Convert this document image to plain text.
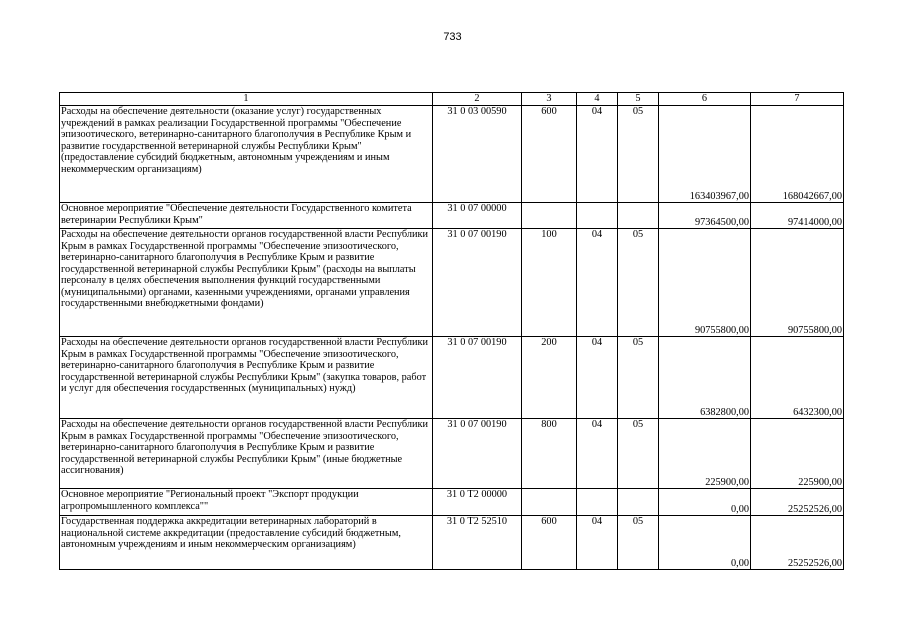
733
1	2	3	4	5	6	7
Расходы на обеспечение деятельности (оказание услуг) государственных учреждений в рамках реализации Государственной программы "Обеспечение эпизоотического, ветеринарно-санитарного благополучия в Республике Крым и развитие государственной ветеринарной службы Республики Крым" (предоставление субсидий бюджетным, автономным учреждениям и иным некоммерческим организациям)	31 0 03 00590	600	04	05	163403967,00	168042667,00
Основное мероприятие "Обеспечение деятельности Государственного комитета ветеринарии Республики Крым"	31 0 07 00000				97364500,00	97414000,00
Расходы на обеспечение деятельности органов государственной власти Республики Крым в рамках Государственной программы "Обеспечение эпизоотического, ветеринарно-санитарного благополучия в Республике Крым и развитие государственной ветеринарной службы Республики Крым" (расходы на выплаты персоналу в целях обеспечения выполнения функций государственными (муниципальными) органами, казенными учреждениями, органами управления государственными внебюджетными фондами)	31 0 07 00190	100	04	05	90755800,00	90755800,00
Расходы на обеспечение деятельности органов государственной власти Республики Крым в рамках Государственной программы "Обеспечение эпизоотического, ветеринарно-санитарного благополучия в Республике Крым и развитие государственной ветеринарной службы Республики Крым" (закупка товаров, работ и услуг для обеспечения государственных (муниципальных) нужд)	31 0 07 00190	200	04	05	6382800,00	6432300,00
Расходы на обеспечение деятельности органов государственной власти Республики Крым в рамках Государственной программы "Обеспечение эпизоотического, ветеринарно-санитарного благополучия в Республике Крым и развитие государственной ветеринарной службы Республики Крым" (иные бюджетные ассигнования)	31 0 07 00190	800	04	05	225900,00	225900,00
Основное мероприятие "Региональный проект "Экспорт продукции агропромышленного комплекса""	31 0 T2 00000				0,00	25252526,00
Государственная поддержка аккредитации ветеринарных лабораторий в национальной системе аккредитации (предоставление субсидий бюджетным, автономным учреждениям и иным некоммерческим организациям)	31 0 T2 52510	600	04	05	0,00	25252526,00
